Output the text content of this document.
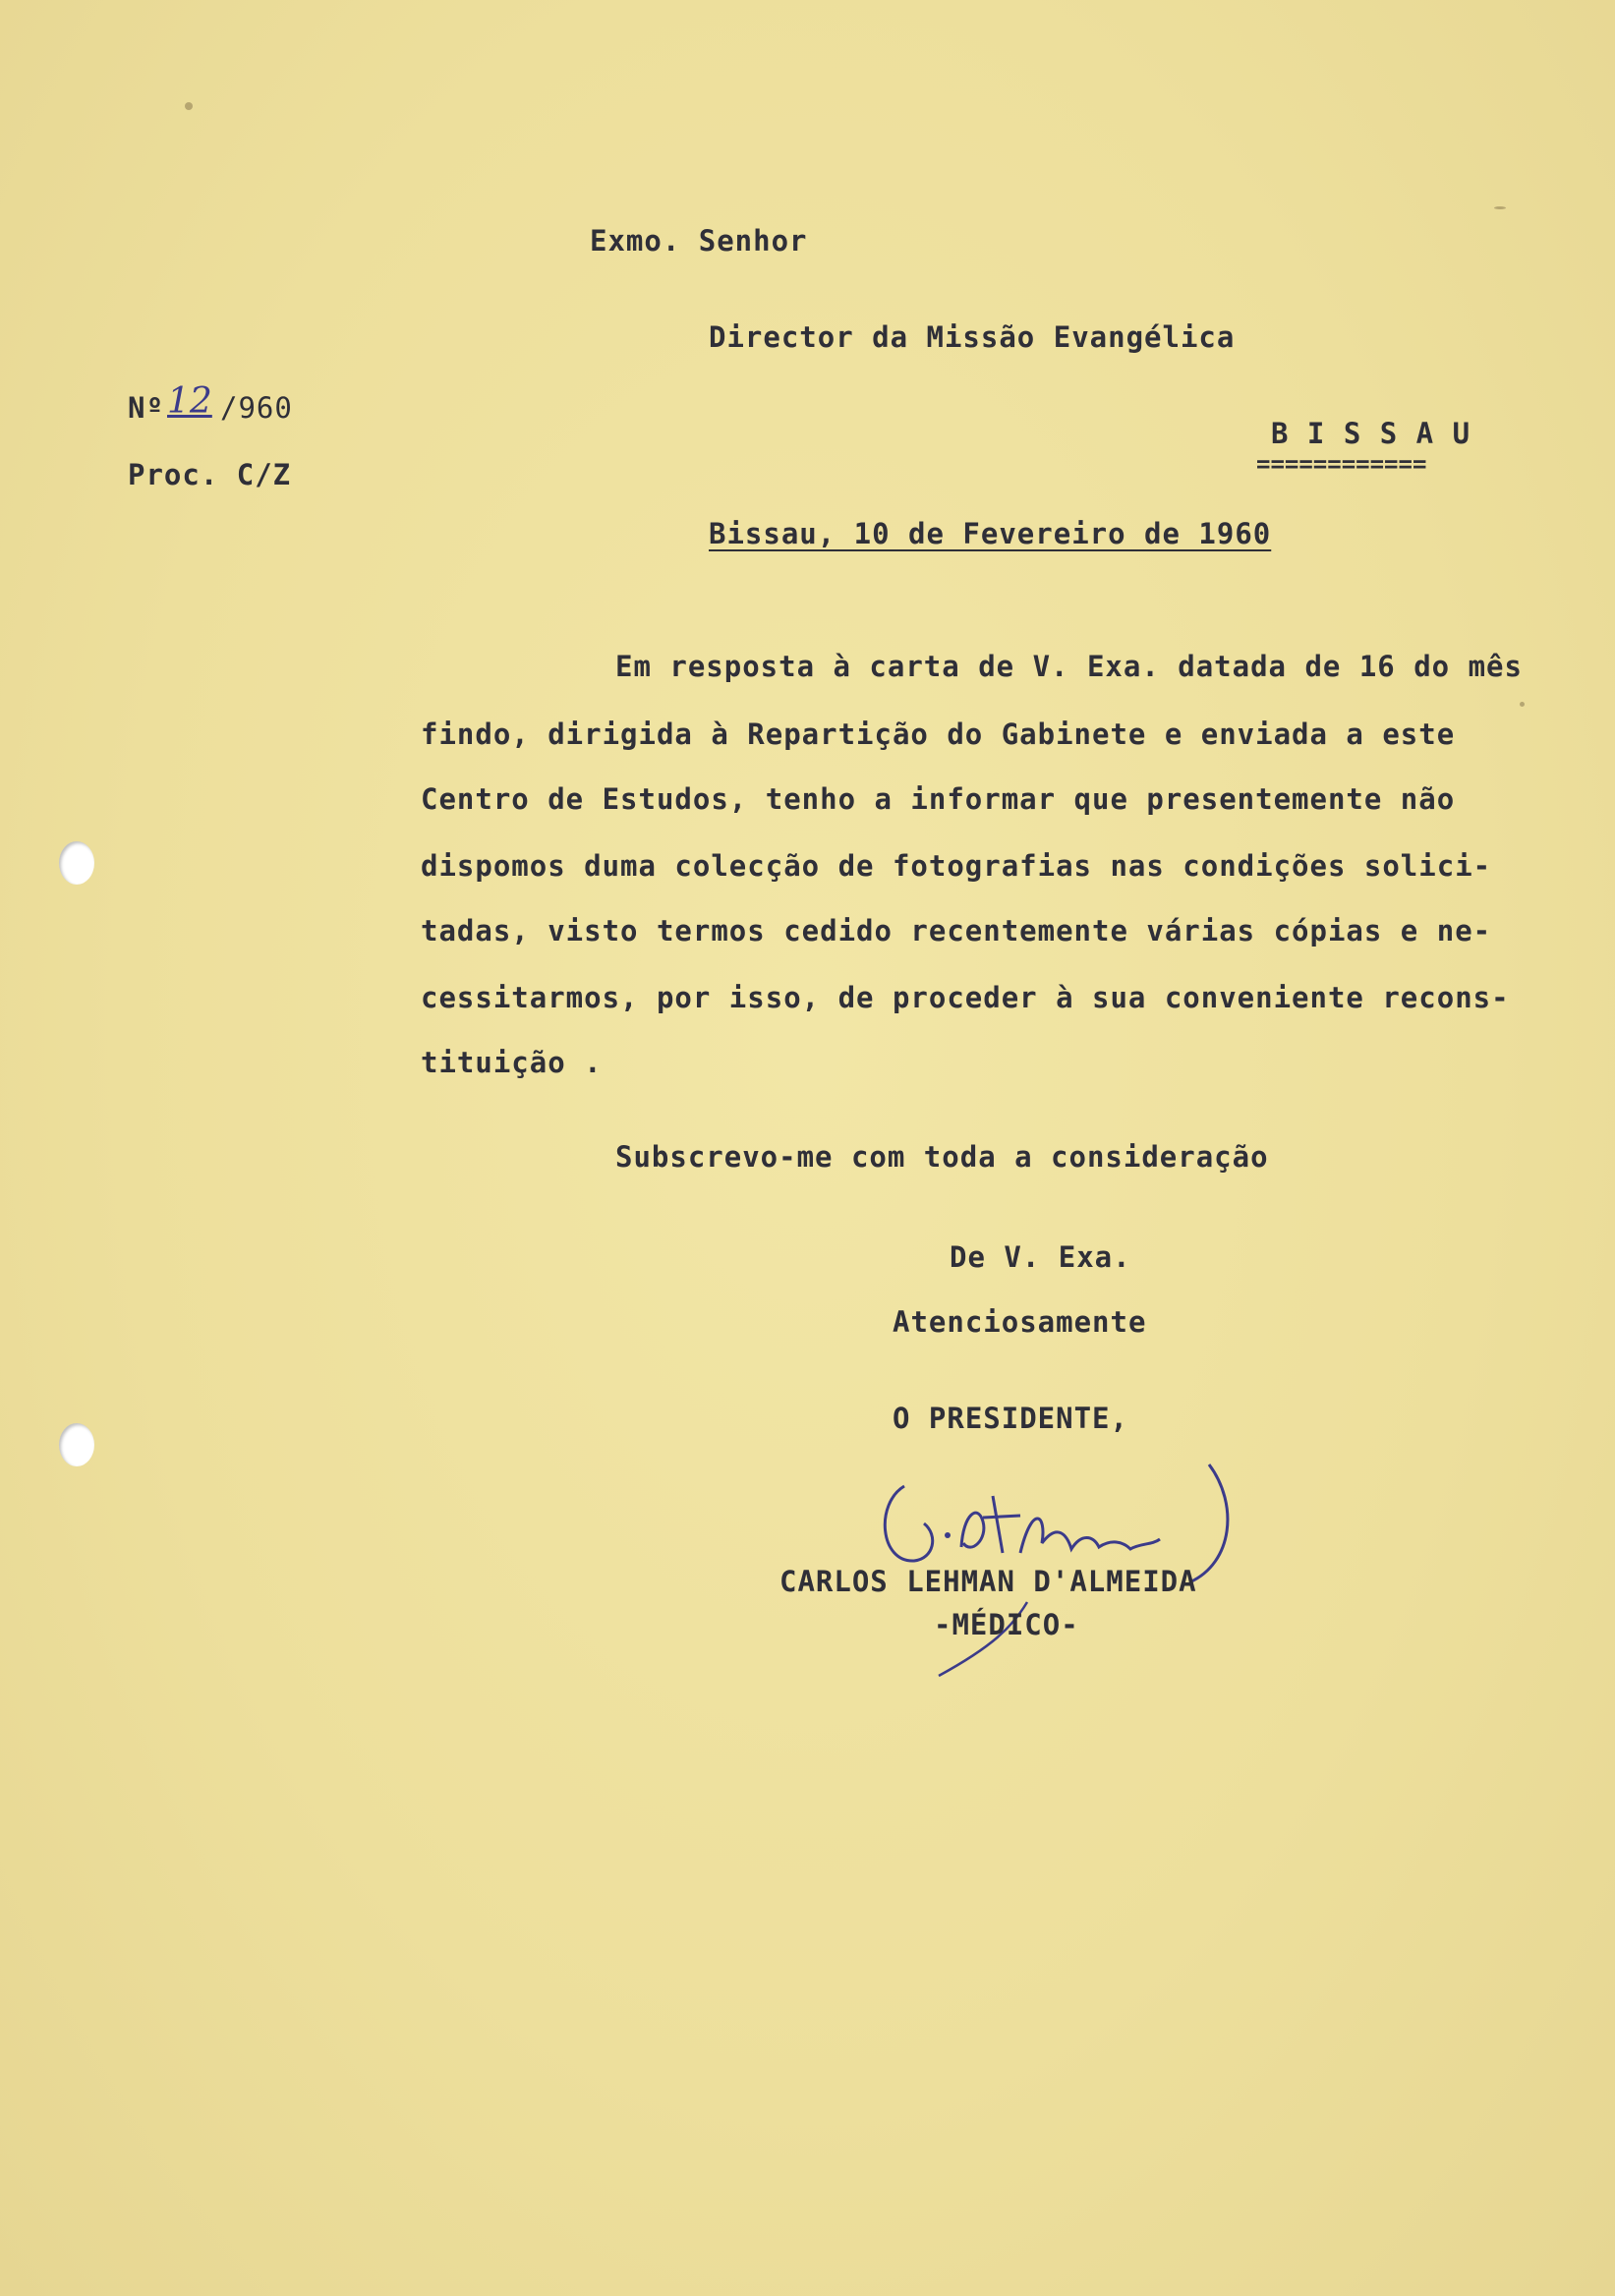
Exmo. Senhor
Director da Missão Evangélica
B I S S A U
============
Nº 12 /960
Proc. C/Z
Bissau, 10 de Fevereiro de 1960
Em resposta à carta de V. Exa. datada de 16 do mês
findo, dirigida à Repartição do Gabinete e enviada a este
Centro de Estudos, tenho a informar que presentemente não
dispomos duma colecção de fotografias nas condições solici-
tadas, visto termos cedido recentemente várias cópias e ne-
cessitarmos, por isso, de proceder à sua conveniente recons-
tituição .
Subscrevo-me com toda a consideração
De V. Exa.
Atenciosamente
O PRESIDENTE,
CARLOS LEHMAN D'ALMEIDA
-MÉDICO-
